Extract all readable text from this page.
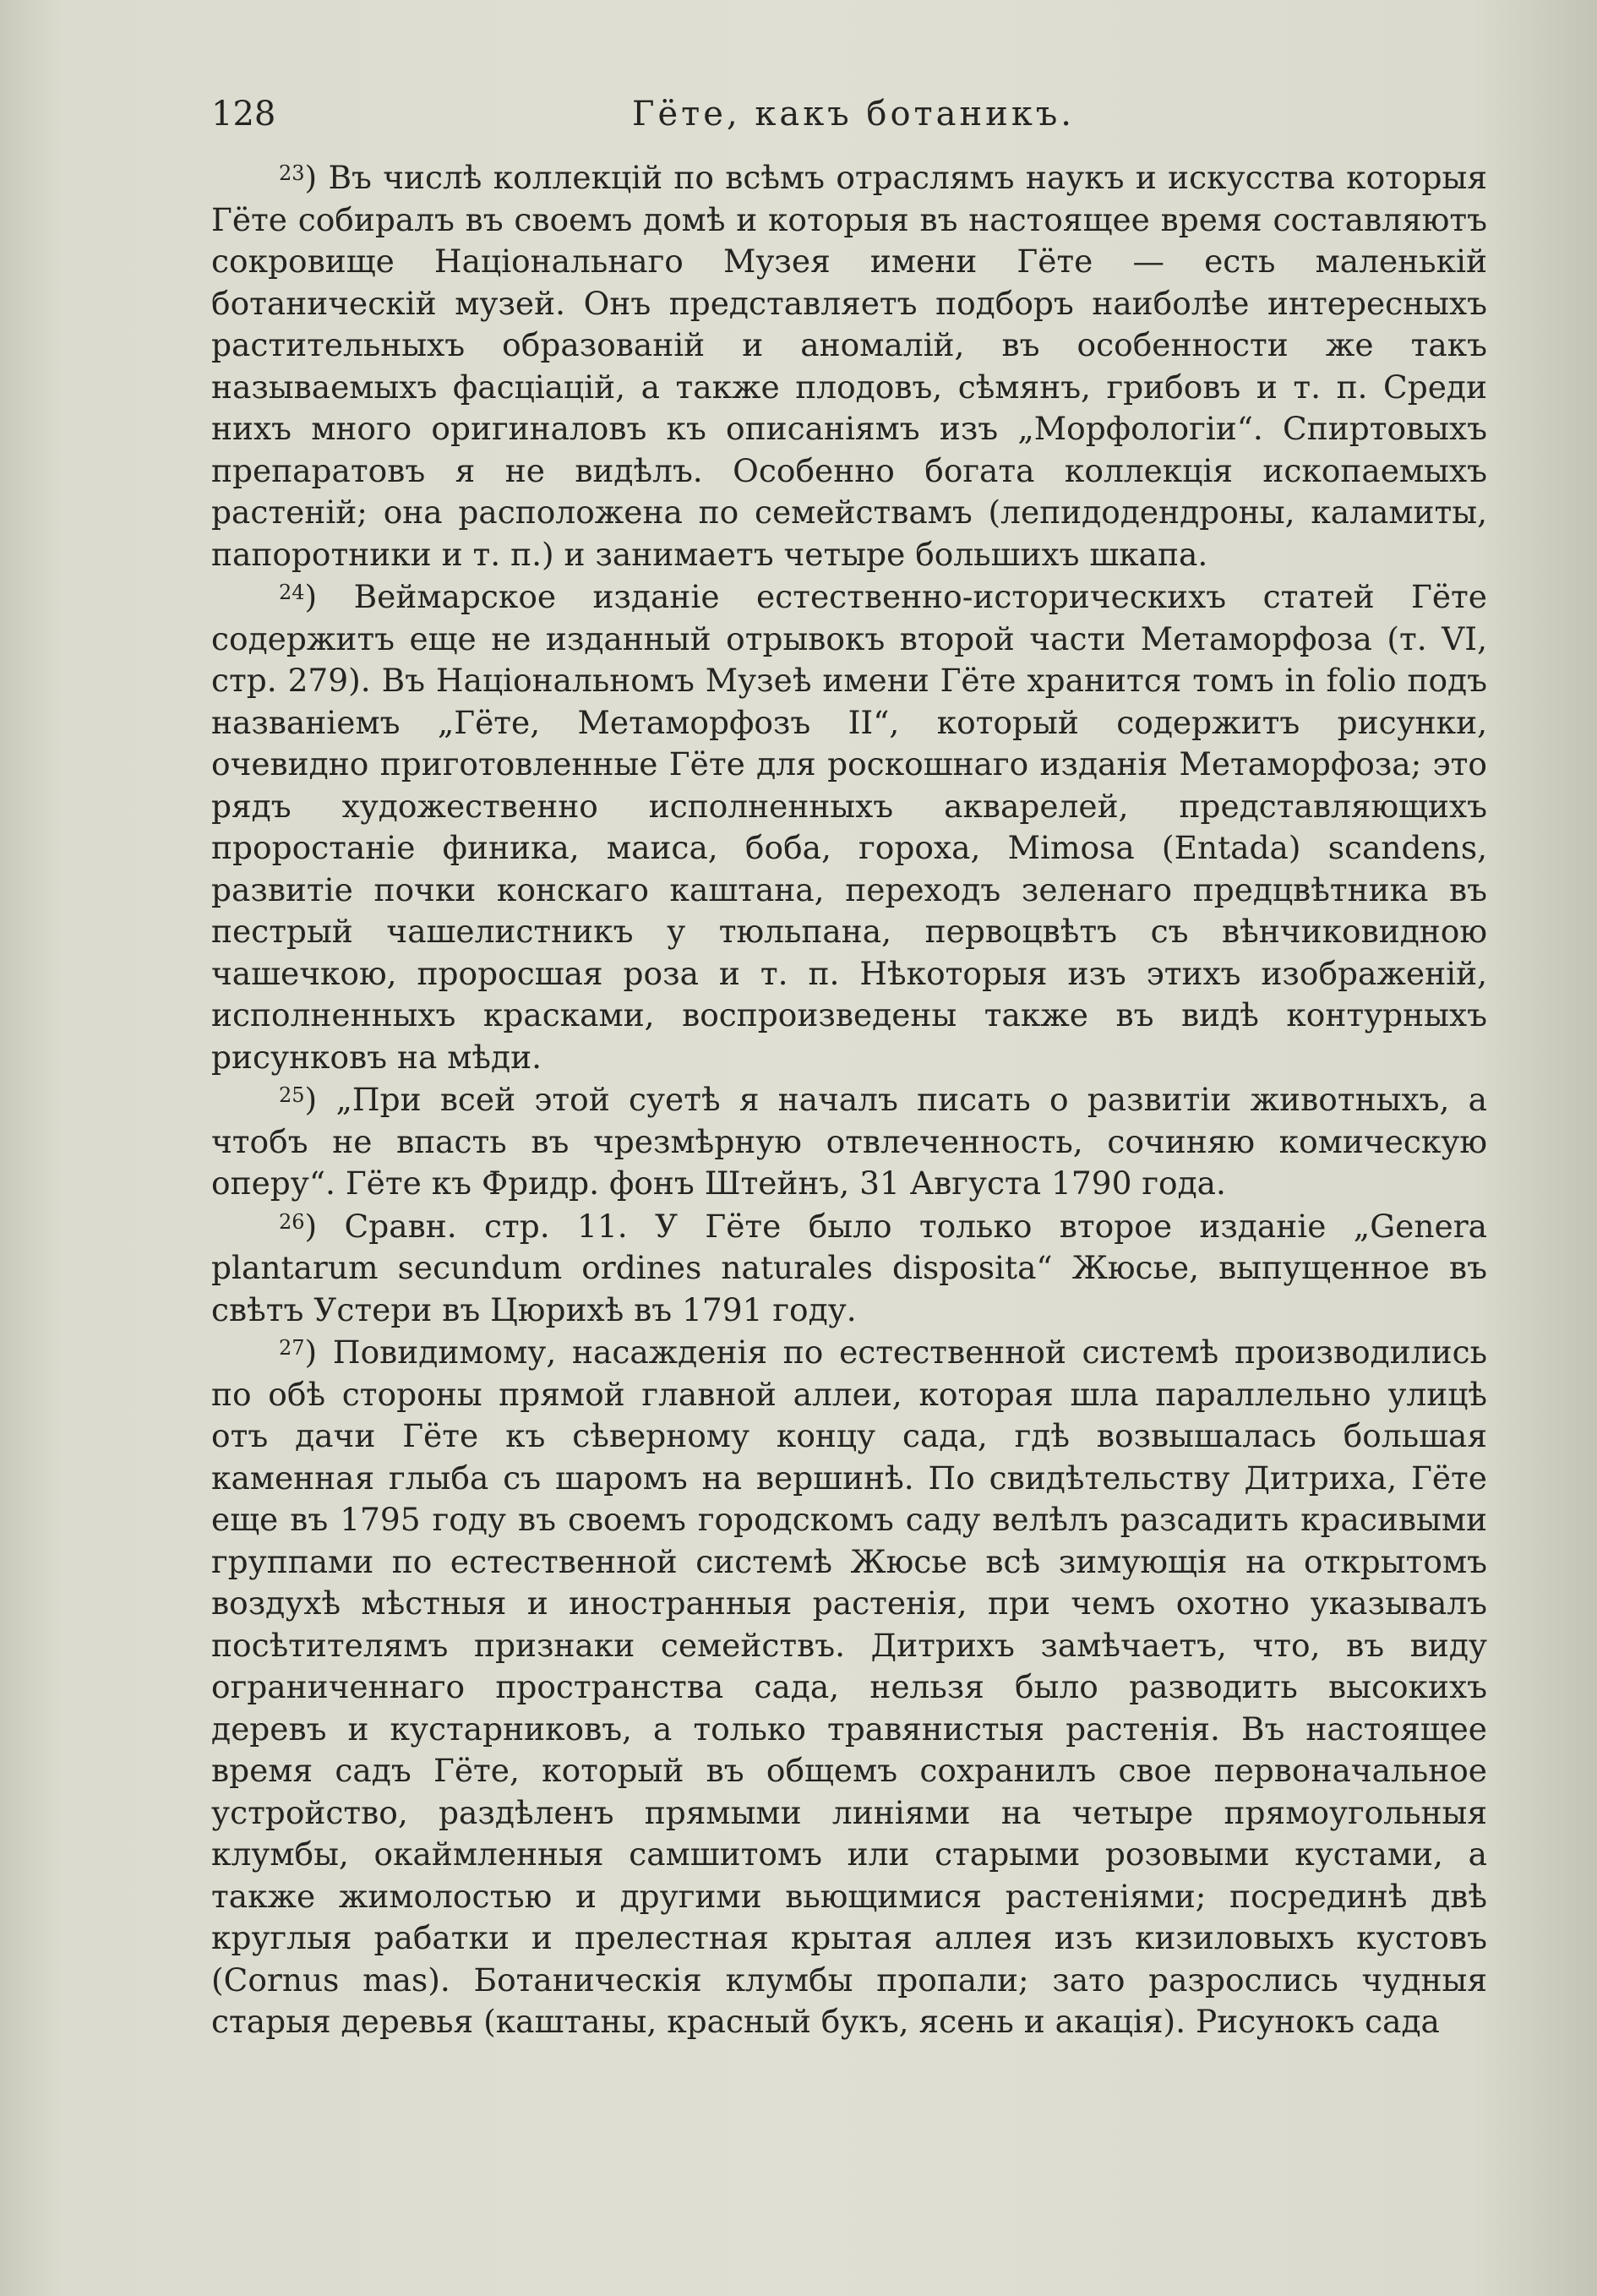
128	Гёте, какъ ботаникъ.

$^{23}$) Въ числѣ коллекцій по всѣмъ отраслямъ наукъ и искусства которыя Гёте собиралъ въ своемъ домѣ и которыя въ настоящее время составляютъ сокровище Національнаго Музея имени Гёте — есть маленькій ботаническій музей. Онъ представляетъ подборъ наиболѣе интересныхъ растительныхъ образованій и аномалій, въ особенности же такъ называемыхъ фасціацій, а также плодовъ, сѣмянъ, грибовъ и т. п. Среди нихъ много оригиналовъ къ описаніямъ изъ „Морфологіи“. Спиртовыхъ препаратовъ я не видѣлъ. Особенно богата коллекція ископаемыхъ растеній; она расположена по семействамъ (лепидодендроны, каламиты, папоротники и т. п.) и занимаетъ четыре большихъ шкапа.

$^{24}$) Веймарское изданіе естественно-историческихъ статей Гёте содержитъ еще не изданный отрывокъ второй части Метаморфоза (т. VI, стр. 279). Въ Національномъ Музеѣ имени Гёте хранится томъ in folio подъ названіемъ „Гёте, Метаморфозъ II“, который содержитъ рисунки, очевидно приготовленные Гёте для роскошнаго изданія Метаморфоза; это рядъ художественно исполненныхъ акварелей, представляющихъ проростаніе финика, маиса, боба, гороха, Mimosa (Entada) scandens, развитіе почки конскаго каштана, переходъ зеленаго предцвѣтника въ пестрый чашелистникъ у тюльпана, первоцвѣтъ съ вѣнчиковидною чашечкою, проросшая роза и т. п. Нѣкоторыя изъ этихъ изображеній, исполненныхъ красками, воспроизведены также въ видѣ контурныхъ рисунковъ на мѣди.

$^{25}$) „При всей этой суетѣ я началъ писать о развитіи животныхъ, а чтобъ не впасть въ чрезмѣрную отвлеченность, сочиняю комическую оперу“. Гёте къ Фридр. фонъ Штейнъ, 31 Августа 1790 года.

$^{26}$) Сравн. стр. 11. У Гёте было только второе изданіе „Genera plantarum secundum ordines naturales disposita“ Жюсье, выпущенное въ свѣтъ Устери въ Цюрихѣ въ 1791 году.

$^{27}$) Повидимому, насажденія по естественной системѣ производились по обѣ стороны прямой главной аллеи, которая шла параллельно улицѣ отъ дачи Гёте къ сѣверному концу сада, гдѣ возвышалась большая каменная глыба съ шаромъ на вершинѣ. По свидѣтельству Дитриха, Гёте еще въ 1795 году въ своемъ городскомъ саду велѣлъ разсадить красивыми группами по естественной системѣ Жюсье всѣ зимующія на открытомъ воздухѣ мѣстныя и иностранныя растенія, при чемъ охотно указывалъ посѣтителямъ признаки семействъ. Дитрихъ замѣчаетъ, что, въ виду ограниченнаго пространства сада, нельзя было разводить высокихъ деревъ и кустарниковъ, а только травянистыя растенія. Въ настоящее время садъ Гёте, который въ общемъ сохранилъ свое первоначальное устройство, раздѣленъ прямыми линіями на четыре прямоугольныя клумбы, окаймленныя самшитомъ или старыми розовыми кустами, а также жимолостью и другими вьющимися растеніями; посрединѣ двѣ круглыя рабатки и прелестная крытая аллея изъ кизиловыхъ кустовъ (Cornus mas). Ботаническія клумбы пропали; зато разрослись чудныя старыя деревья (каштаны, красный букъ, ясень и акація). Рисунокъ сада
